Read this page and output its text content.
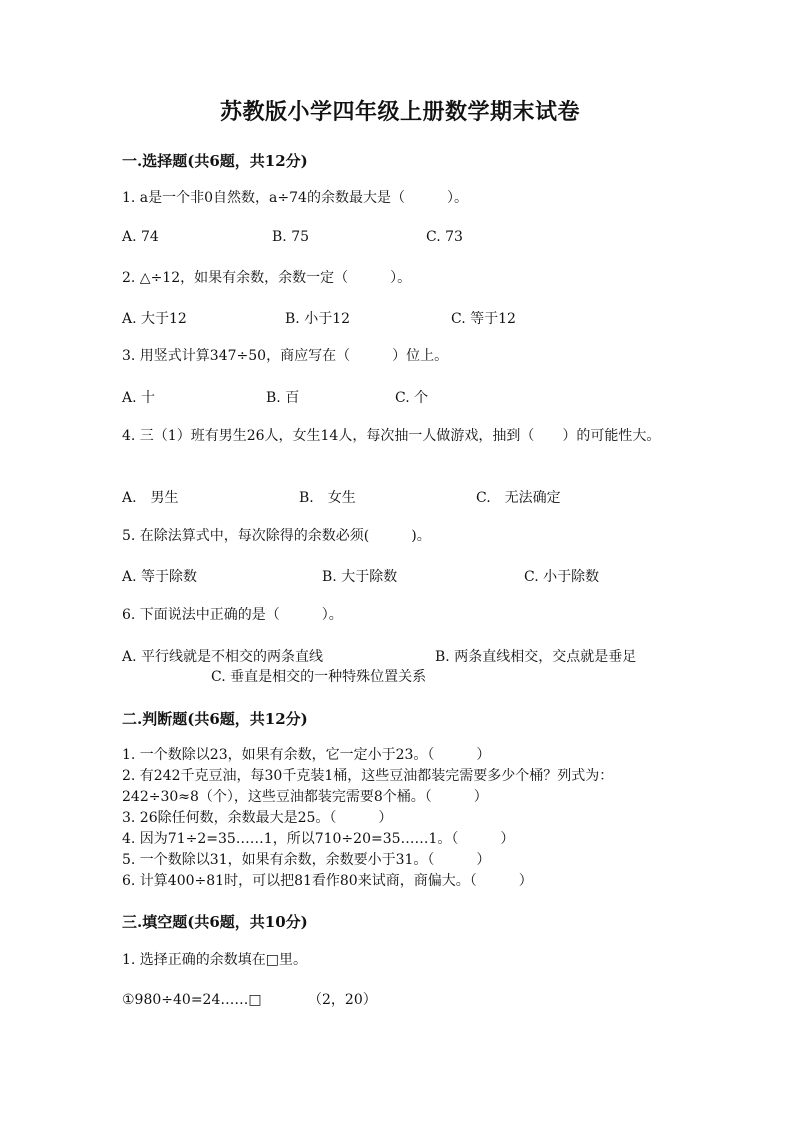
苏教版小学四年级上册数学期末试卷
一.选择题(共6题，共12分)
1. a是一个非0自然数，a÷74的余数最大是（　　　）。
A. 74	B. 75	C. 73
2. △÷12，如果有余数，余数一定（　　　）。
A. 大于12	B. 小于12	C. 等于12
3. 用竖式计算347÷50，商应写在（　　　）位上。
A. 十	B. 百	C. 个
4. 三（1）班有男生26人，女生14人，每次抽一人做游戏，抽到（　　）的可能性大。
A.　男生	B.　女生	C.　无法确定
5. 在除法算式中，每次除得的余数必须(　　　)。
A. 等于除数	B. 大于除数	C. 小于除数
6. 下面说法中正确的是（　　　）。
A. 平行线就是不相交的两条直线	B. 两条直线相交，交点就是垂足
C. 垂直是相交的一种特殊位置关系
二.判断题(共6题，共12分)
1. 一个数除以23，如果有余数，它一定小于23。（　　　）
2. 有242千克豆油，每30千克装1桶，这些豆油都装完需要多少个桶？列式为：242÷30≈8（个），这些豆油都装完需要8个桶。（　　　）
3. 26除任何数，余数最大是25。（　　　）
4. 因为71÷2=35……1，所以710÷20=35……1。（　　　）
5. 一个数除以31，如果有余数，余数要小于31。（　　　）
6. 计算400÷81时，可以把81看作80来试商，商偏大。（　　　）
三.填空题(共6题，共10分)
1. 选择正确的余数填在□里。
①980÷40=24……□	（2，20）
